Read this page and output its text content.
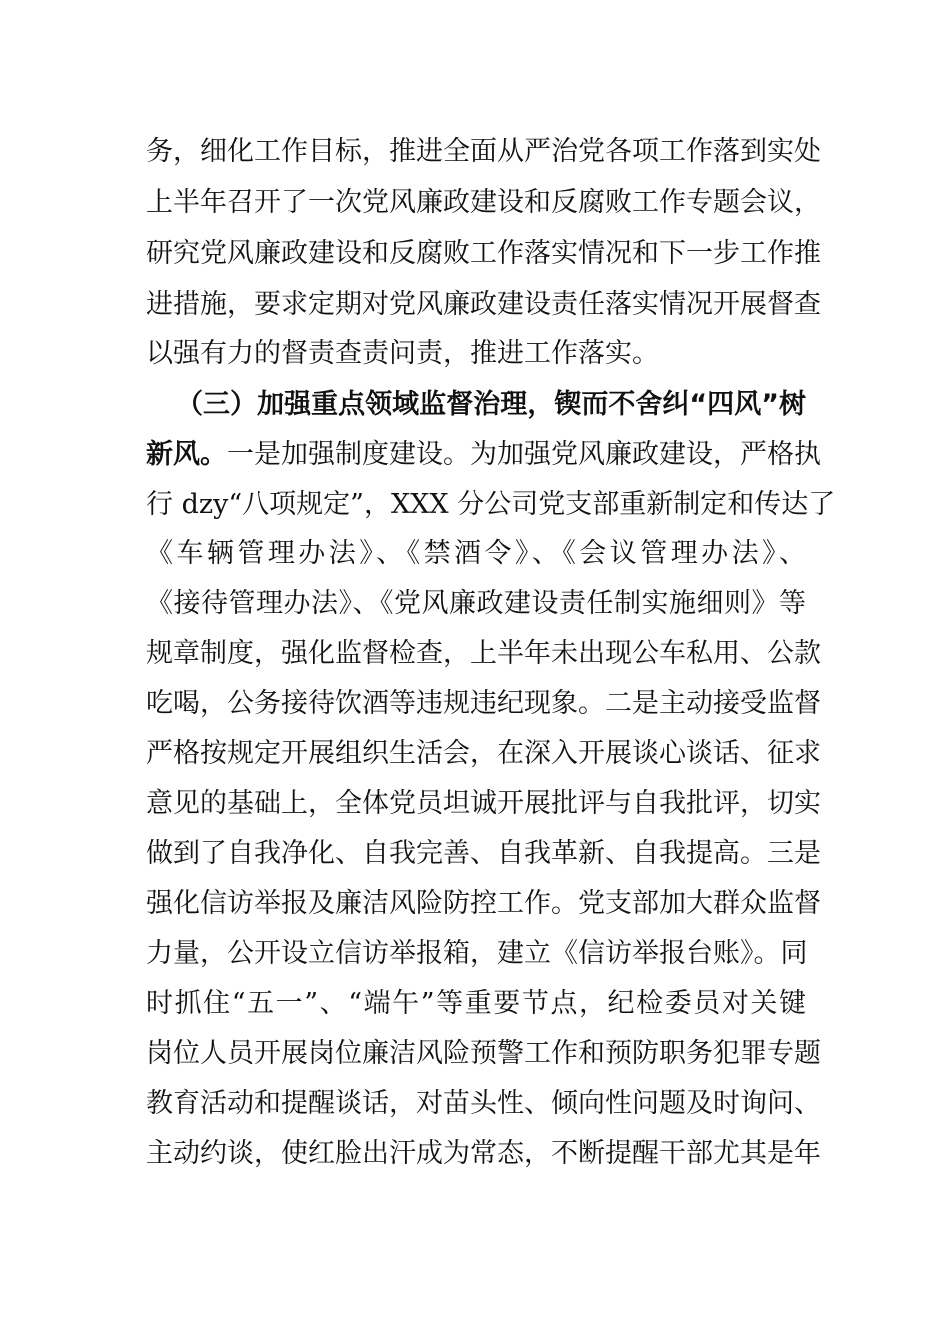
务，细化工作目标，推进全面从严治党各项工作落到实处
上半年召开了一次党风廉政建设和反腐败工作专题会议，
研究党风廉政建设和反腐败工作落实情况和下一步工作推
进措施，要求定期对党风廉政建设责任落实情况开展督查
以强有力的督责查责问责，推进工作落实。
（三）加强重点领域监督治理，锲而不舍纠“四风”树
新风。一是加强制度建设。为加强党风廉政建设，严格执
行 dzy“八项规定”，XXX 分公司党支部重新制定和传达了
《车辆管理办法》、《禁酒令》、《会议管理办法》、
《接待管理办法》、《党风廉政建设责任制实施细则》等
规章制度，强化监督检查，上半年未出现公车私用、公款
吃喝，公务接待饮酒等违规违纪现象。二是主动接受监督
严格按规定开展组织生活会，在深入开展谈心谈话、征求
意见的基础上，全体党员坦诚开展批评与自我批评，切实
做到了自我净化、自我完善、自我革新、自我提高。三是
强化信访举报及廉洁风险防控工作。党支部加大群众监督
力量，公开设立信访举报箱，建立《信访举报台账》。同
时抓住“五一”、“端午”等重要节点，纪检委员对关键
岗位人员开展岗位廉洁风险预警工作和预防职务犯罪专题
教育活动和提醒谈话，对苗头性、倾向性问题及时询问、
主动约谈，使红脸出汗成为常态，不断提醒干部尤其是年
